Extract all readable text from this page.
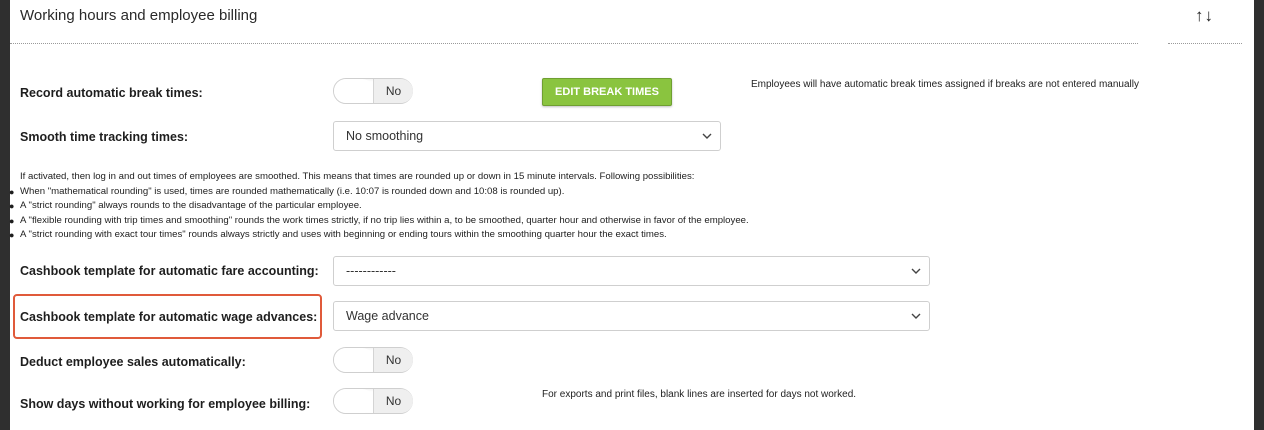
Working hours and employee billing	↑↓
Record automatic break times:	No	EDIT BREAK TIMES
Employees will have automatic break times assigned if breaks are not entered manually
Smooth time tracking times:	No smoothing
If activated, then log in and out times of employees are smoothed. This means that times are rounded up or down in 15 minute intervals. Following possibilities:
● When "mathematical rounding" is used, times are rounded mathematically (i.e. 10:07 is rounded down and 10:08 is rounded up).
● A "strict rounding" always rounds to the disadvantage of the particular employee.
● A "flexible rounding with trip times and smoothing" rounds the work times strictly, if no trip lies within a, to be smoothed, quarter hour and otherwise in favor of the employee.
● A "strict rounding with exact tour times" rounds always strictly and uses with beginning or ending tours within the smoothing quarter hour the exact times.
Cashbook template for automatic fare accounting: ------------
Cashbook template for automatic wage advances: Wage advance
Deduct employee sales automatically:	No
Show days without working for employee billing:	No	For exports and print files, blank lines are inserted for days not worked.
